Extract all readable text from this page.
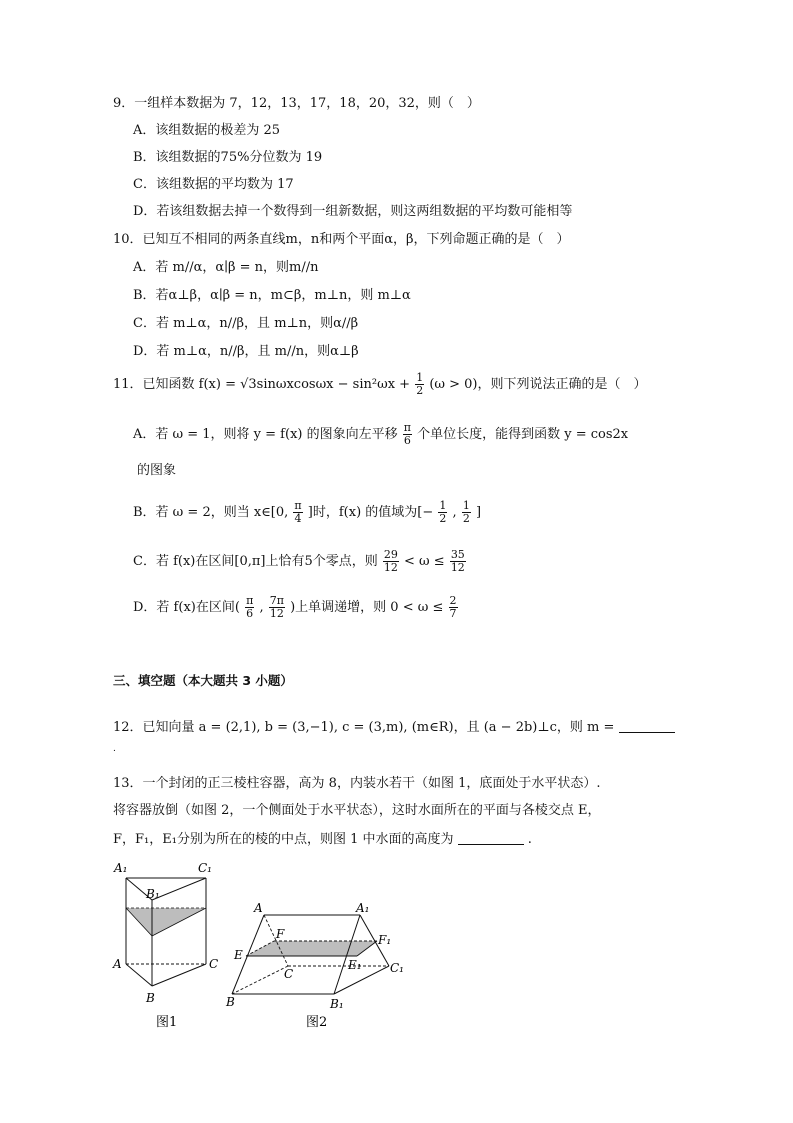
9．一组样本数据为 7，12，13，17，18，20，32，则（　）
A．该组数据的极差为 25
B．该组数据的75%分位数为 19
C．该组数据的平均数为 17
D．若该组数据去掉一个数得到一组新数据，则这两组数据的平均数可能相等
10．已知互不相同的两条直线m，n和两个平面α，β，下列命题正确的是（　）
A．若 m//α，α∣β = n，则m//n
B．若α⊥β，α∣β = n，m⊂β，m⊥n，则 m⊥α
C．若 m⊥α，n//β，且 m⊥n，则α//β
D．若 m⊥α，n//β，且 m//n，则α⊥β
11．已知函数 $f(x) = √3\sin\omega xcos\omega x - \sin^2\omega x + \frac{1}{2} (\omega > 0)$，则下列说法正确的是（　）
A．若 ω = 1，则将 y = f(x) 的图象向左平移 $\frac{\pi}{6}$ 个单位长度，能得到函数 y = cos2x
的图象
B．若 ω = 2，则当 x∈[0, $\frac{\pi}{4}$ ]时，f(x) 的值域为[− $\frac{1}{2}$ , $\frac{1}{2}$ ]
C．若 f(x)在区间[0,π]上恰有5个零点，则 $\frac{29}{12} < \omega \le \frac{35}{12}$
D．若 f(x)在区间( $\frac{\pi}{6}$ , $\frac{7\pi}{12}$ )上单调递增，则 $0 < \omega \le \frac{2}{7}$
三、填空题（本大题共 3 小题）
12．已知向量 a = (2,1), b = (3,−1), c = (3,m), (m∈R)，且 (a − 2b)⊥c，则 m =
.
13．一个封闭的正三棱柱容器，高为 8，内装水若干（如图 1，底面处于水平状态）.
将容器放倒（如图 2，一个侧面处于水平状态），这时水面所在的平面与各棱交点 E，
F，F₁，E₁分别为所在的棱的中点，则图 1 中水面的高度为	.
A₁	C₁
B₁
A	C
B
图1
A	A₁
F	F₁
E
E₁
C	C₁
B	B₁
图2
